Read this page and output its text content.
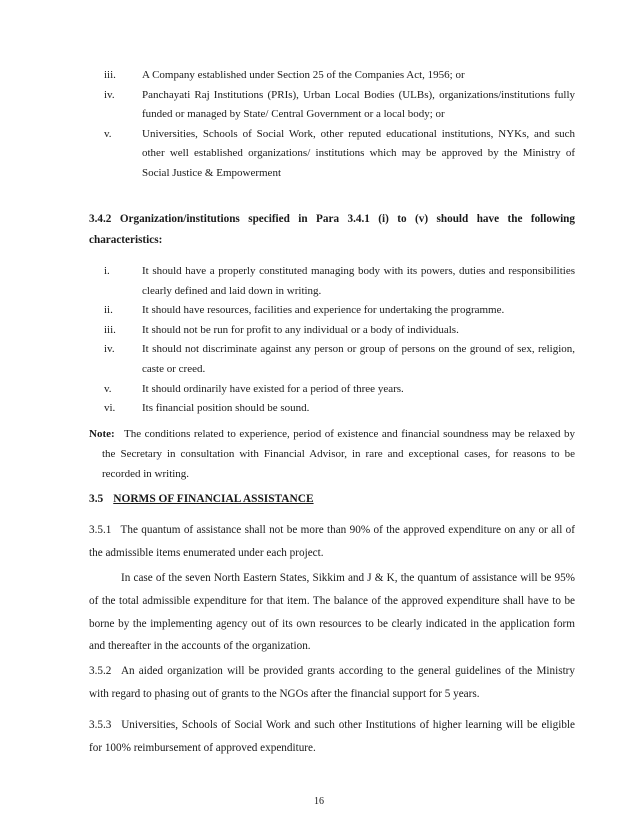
iii.	A Company established under Section 25 of the Companies Act, 1956; or
iv.	Panchayati Raj Institutions (PRIs), Urban Local Bodies (ULBs), organizations/institutions fully funded or managed by State/ Central Government or a local body; or
v.	Universities, Schools of Social Work, other reputed educational institutions, NYKs, and such other well established organizations/ institutions which may be approved by the Ministry of Social Justice & Empowerment
3.4.2 Organization/institutions specified in Para 3.4.1 (i) to (v) should have the following characteristics:
i.	It should have a properly constituted managing body with its powers, duties and responsibilities clearly defined and laid down in writing.
ii.	It should have resources, facilities and experience for undertaking the programme.
iii.	It should not be run for profit to any individual or a body of individuals.
iv.	It should not discriminate against any person or group of persons on the ground of sex, religion, caste or creed.
v.	It should ordinarily have existed for a period of three years.
vi.	Its financial position should be sound.
Note: The conditions related to experience, period of existence and financial soundness may be relaxed by the Secretary in consultation with Financial Advisor, in rare and exceptional cases, for reasons to be recorded in writing.
3.5 NORMS OF FINANCIAL ASSISTANCE
3.5.1 The quantum of assistance shall not be more than 90% of the approved expenditure on any or all of the admissible items enumerated under each project.
In case of the seven North Eastern States, Sikkim and J & K, the quantum of assistance will be 95% of the total admissible expenditure for that item. The balance of the approved expenditure shall have to be borne by the implementing agency out of its own resources to be clearly indicated in the application form and thereafter in the accounts of the organization.
3.5.2 An aided organization will be provided grants according to the general guidelines of the Ministry with regard to phasing out of grants to the NGOs after the financial support for 5 years.
3.5.3 Universities, Schools of Social Work and such other Institutions of higher learning will be eligible for 100% reimbursement of approved expenditure.
16
